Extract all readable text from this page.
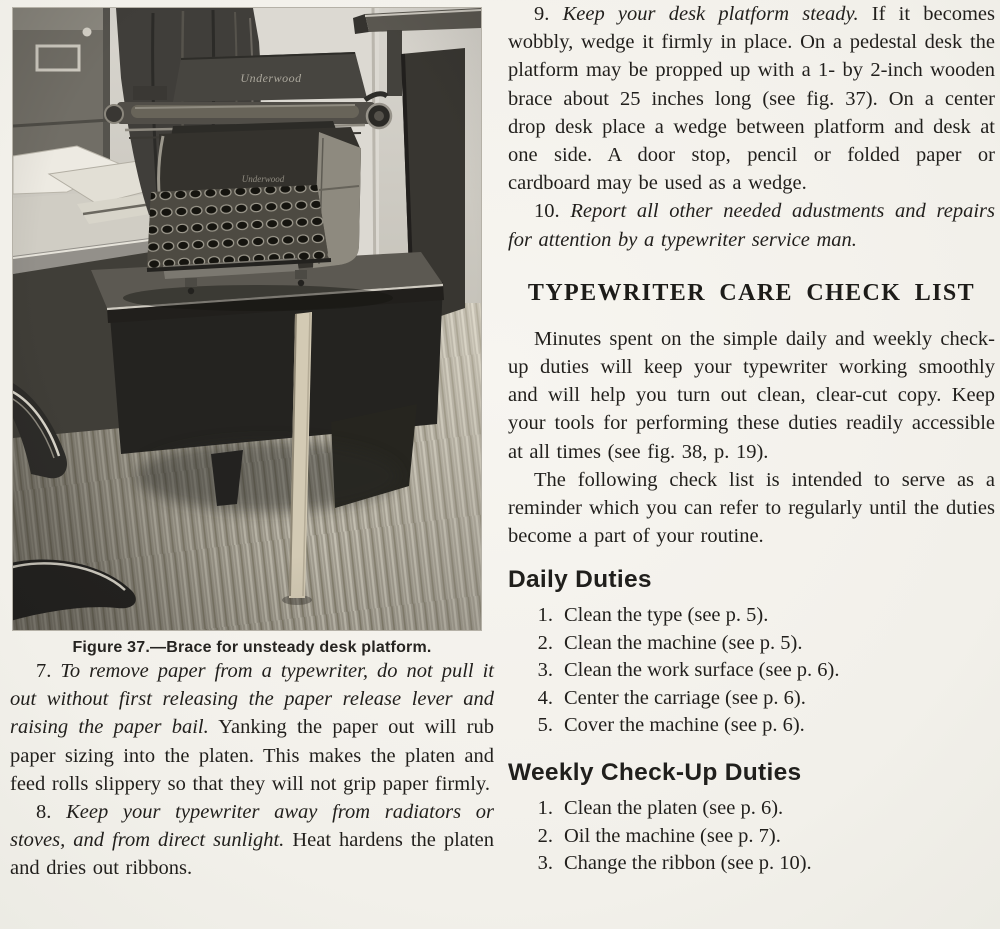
Figure 37.—Brace for unsteady desk platform.

7. To remove paper from a typewriter, do not pull it out without first releasing the paper release lever and raising the paper bail. Yanking the paper out will rub paper sizing into the platen. This makes the platen and feed rolls slippery so that they will not grip paper firmly.

8. Keep your typewriter away from radiators or stoves, and from direct sunlight. Heat hardens the platen and dries out ribbons.

9. Keep your desk platform steady. If it becomes wobbly, wedge it firmly in place. On a pedestal desk the platform may be propped up with a 1- by 2-inch wooden brace about 25 inches long (see fig. 37). On a center drop desk place a wedge between platform and desk at one side. A door stop, pencil or folded paper or cardboard may be used as a wedge.

10. Report all other needed adustments and repairs for attention by a typewriter service man.

TYPEWRITER CARE CHECK LIST

Minutes spent on the simple daily and weekly check-up duties will keep your typewriter working smoothly and will help you turn out clean, clear-cut copy. Keep your tools for performing these duties readily accessible at all times (see fig. 38, p. 19).

The following check list is intended to serve as a reminder which you can refer to regularly until the duties become a part of your routine.

Daily Duties
1. Clean the type (see p. 5).
2. Clean the machine (see p. 5).
3. Clean the work surface (see p. 6).
4. Center the carriage (see p. 6).
5. Cover the machine (see p. 6).
Weekly Check-Up Duties
1. Clean the platen (see p. 6).
2. Oil the machine (see p. 7).
3. Change the ribbon (see p. 10).
